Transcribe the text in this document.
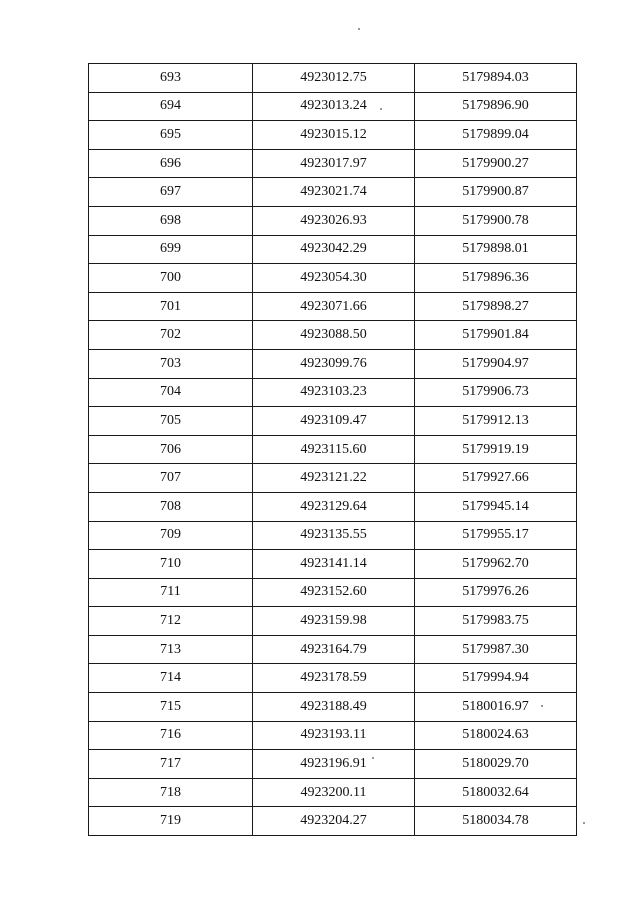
693	4923012.75	5179894.03
694	4923013.24	5179896.90
695	4923015.12	5179899.04
696	4923017.97	5179900.27
697	4923021.74	5179900.87
698	4923026.93	5179900.78
699	4923042.29	5179898.01
700	4923054.30	5179896.36
701	4923071.66	5179898.27
702	4923088.50	5179901.84
703	4923099.76	5179904.97
704	4923103.23	5179906.73
705	4923109.47	5179912.13
706	4923115.60	5179919.19
707	4923121.22	5179927.66
708	4923129.64	5179945.14
709	4923135.55	5179955.17
710	4923141.14	5179962.70
711	4923152.60	5179976.26
712	4923159.98	5179983.75
713	4923164.79	5179987.30
714	4923178.59	5179994.94
715	4923188.49	5180016.97
716	4923193.11	5180024.63
717	4923196.91	5180029.70
718	4923200.11	5180032.64
719	4923204.27	5180034.78
